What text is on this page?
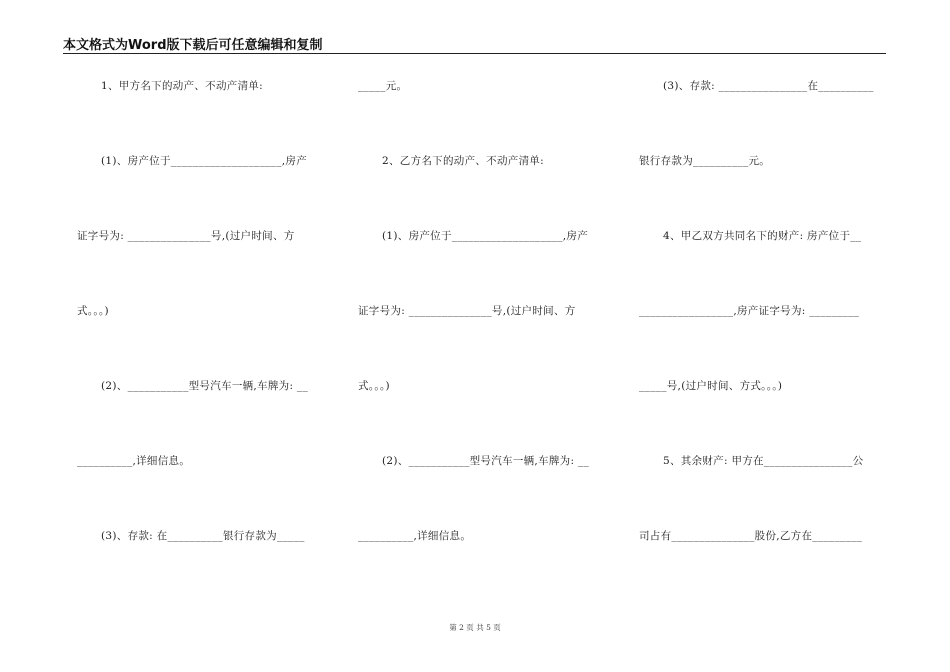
本文格式为Word版下载后可任意编辑和复制
1、甲方名下的动产、不动产清单:
(1)、房产位于____________________,房产
证字号为: _______________号,(过户时间、方
式。。。)
(2)、___________型号汽车一辆,车牌为: __
__________,详细信息。
(3)、存款: 在__________银行存款为_____
_____元。
2、乙方名下的动产、不动产清单:
(1)、房产位于____________________,房产
证字号为: _______________号,(过户时间、方
式。。。)
(2)、___________型号汽车一辆,车牌为: __
__________,详细信息。
(3)、存款: ________________在__________
银行存款为__________元。
4、甲乙双方共同名下的财产: 房产位于__
_________________,房产证字号为: _________
_____号,(过户时间、方式。。。)
5、其余财产: 甲方在________________公
司占有_______________股份,乙方在_________
第 2 页 共 5 页
